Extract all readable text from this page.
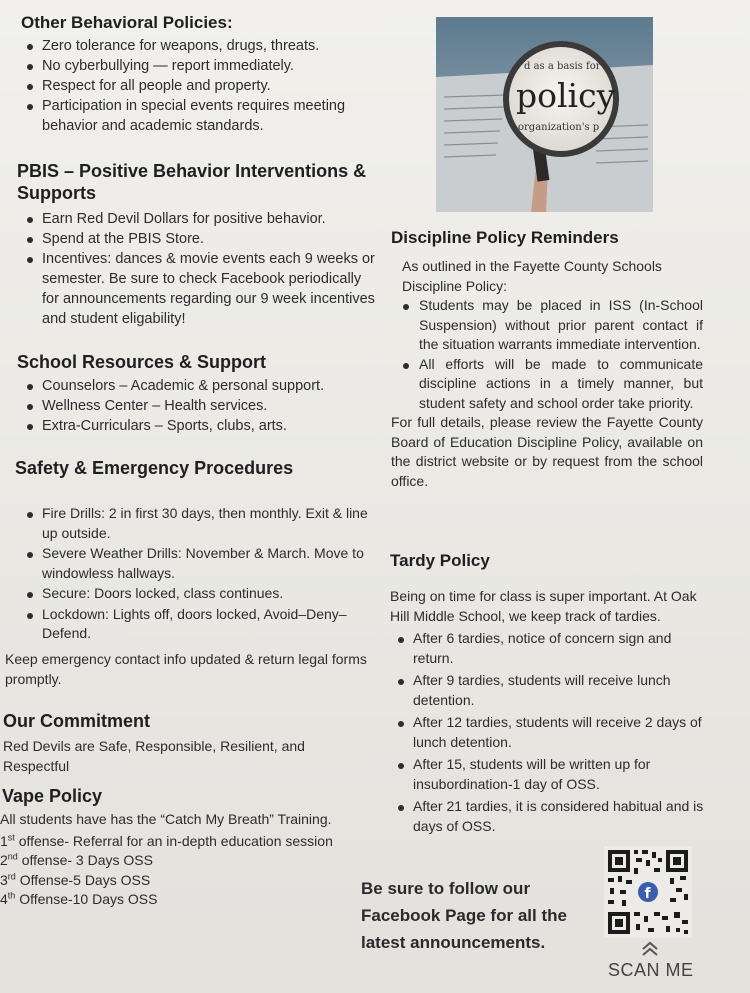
Other Behavioral Policies:
Zero tolerance for weapons, drugs, threats.
No cyberbullying — report immediately.
Respect for all people and property.
Participation in special events requires meeting behavior and academic standards.
PBIS – Positive Behavior Interventions & Supports
Earn Red Devil Dollars for positive behavior.
Spend at the PBIS Store.
Incentives: dances & movie events each 9 weeks or semester. Be sure to check Facebook periodically for announcements regarding our 9 week incentives and student eligability!
School Resources & Support
Counselors – Academic & personal support.
Wellness Center – Health services.
Extra-Curriculars – Sports, clubs, arts.
Safety & Emergency Procedures
Fire Drills: 2 in first 30 days, then monthly. Exit & line up outside.
Severe Weather Drills: November & March. Move to windowless hallways.
Secure: Doors locked, class continues.
Lockdown: Lights off, doors locked, Avoid–Deny–Defend.
Keep emergency contact info updated & return legal forms promptly.
Our Commitment

Red Devils are Safe, Responsible, Resilient, and Respectful

Vape Policy

All students have has the “Catch My Breath” Training.

1st offense- Referral for an in-depth education session
2nd offense- 3 Days OSS
3rd Offense-5 Days OSS
4th Offense-10 Days OSS
d as a basis for
policy
organization's p
Discipline Policy Reminders

As outlined in the Fayette County Schools Discipline Policy:

Students may be placed in ISS (In-School Suspension) without prior parent contact if the situation warrants immediate intervention.
All efforts will be made to communicate discipline actions in a timely manner, but student safety and school order take priority.

For full details, please review the Fayette County Board of Education Discipline Policy, available on the district website or by request from the school office.

Tardy Policy

Being on time for class is super important. At Oak Hill Middle School, we keep track of tardies.

After 6 tardies, notice of concern sign and return.
After 9 tardies, students will receive lunch detention.
After 12 tardies, students will receive 2 days of lunch detention.
After 15, students will be written up for insubordination-1 day of OSS.
After 21 tardies, it is considered habitual and is days of OSS.
Be sure to follow our Facebook Page for all the latest announcements.
f
SCAN ME
